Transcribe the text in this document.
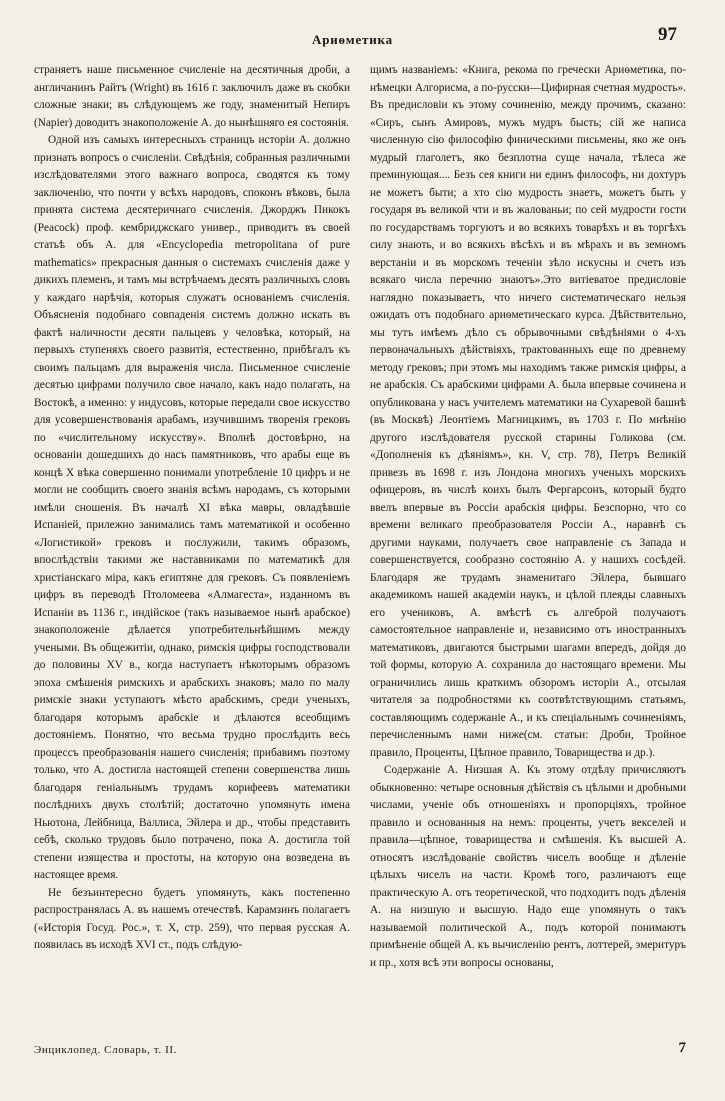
Ариѳметика	97

страняетъ наше письменное счисленіе на десятичныя дроби, а англичанинъ Райтъ (Wright) въ 1616 г. заключилъ даже въ скобки сложные знаки; въ слѣдующемъ же году, знаменитый Непиръ (Napier) доводитъ знакоположеніе А. до нынѣшняго ея состоянія.

Одной изъ самыхъ интересныхъ страницъ исторіи А. должно признать вопросъ о счисленіи. Свѣдѣнія, собранныя различными изслѣдователями этого важнаго вопроса, сводятся къ тому заключенію, что почти у всѣхъ народовъ, споконъ вѣковъ, была принята система десятеричнаго счисленія. Джорджъ Пикокъ (Peacock) проф. кембриджскаго универ., приводитъ въ своей статьѣ объ А. для «Encyclopedia metropolitana of pure mathematics» прекрасныя данныя о системахъ счисленія даже у дикихъ племенъ, и тамъ мы встрѣчаемъ десять различныхъ словъ у каждаго нарѣчія, которыя служатъ основаніемъ счисленія. Объясненія подобнаго совпаденія системъ должно искать въ фактѣ наличности десяти пальцевъ у человѣка, который, на первыхъ ступеняхъ своего развитія, естественно, прибѣгалъ къ своимъ пальцамъ для выраженія числа. Письменное счисленіе десятью цифрами получило свое начало, какъ надо полагать, на Востокѣ, а именно: у индусовъ, которые передали свое искусство для усовершенствованія арабамъ, изучившимъ творенія грековъ по «числительному искусству». Вполнѣ достовѣрно, на основаніи дошедшихъ до насъ памятниковъ, что арабы еще въ концѣ X вѣка совершенно понимали употребленіе 10 цифръ и не могли не сообщить своего знанія всѣмъ народамъ, съ которыми имѣли сношенія. Въ началѣ XI вѣка мавры, овладѣвшіе Испаніей, прилежно занимались тамъ математикой и особенно «Логистикой» грековъ и послужили, такимъ образомъ, впослѣдствіи такими же наставниками по математикѣ для христіанскаго міра, какъ египтяне для грековъ. Съ появленіемъ цифръ въ переводѣ Птоломеева «Алмагеста», изданномъ въ Испаніи въ 1136 г., индійское (такъ называемое нынѣ арабское) знакоположеніе дѣлается употребительнѣйшимъ между учеными. Въ общежитіи, однако, римскія цифры господствовали до половины XV в., когда наступаетъ нѣкоторымъ образомъ эпоха смѣшенія римскихъ и арабскихъ знаковъ; мало по малу римскіе знаки уступаютъ мѣсто арабскимъ, среди ученыхъ, благодаря которымъ арабскіе и дѣлаются всеобщимъ достояніемъ. Понятно, что весьма трудно прослѣдить весь процессъ преобразованія нашего счисленія; прибавимъ поэтому только, что А. достигла настоящей степени совершенства лишь благодаря геніальнымъ трудамъ корифеевъ математики послѣднихъ двухъ столѣтій; достаточно упомянуть имена Ньютона, Лейбница, Валлиса, Эйлера и др., чтобы представить себѣ, сколько трудовъ было потрачено, пока А. достигла той степени изящества и простоты, на которую она возведена въ настоящее время.

Не безъинтересно будетъ упомянуть, какъ постепенно распространялась А. въ нашемъ отечествѣ. Карамзинъ полагаетъ («Исторія Госуд. Рос.», т. X, стр. 259), что первая русская А. появилась въ исходѣ XVI ст., подъ слѣдую-

щимъ названіемъ: «Книга, рекома по гречески Ариѳметика, по-нѣмецки Алгорисма, а по-русски—Цифирная счетная мудрость». Въ предисловіи къ этому сочиненію, между прочимъ, сказано: «Сиръ, сынъ Амировъ, мужъ мудръ бысть; сій же написа численную сію философію финическими письмены, яко же онъ мудрый глаголетъ, яко безплотна суще начала, тѣлеса же преминующая.... Безъ сея книги ни единъ философъ, ни дохтуръ не можетъ быти; а хто сію мудрость знаетъ, можетъ быть у государя въ великой чти и въ жалованьи; по сей мудрости гости по государствамъ торгуютъ и во всякихъ товарѣхъ и въ торгѣхъ силу знають, и во всякихъ вѣсѣхъ и въ мѣрахъ и въ земномъ верстаніи и въ морскомъ теченіи зѣло искусны и счетъ изъ всякаго числа перечню знаютъ».Это витіеватое предисловіе наглядно показываетъ, что ничего систематическаго нельзя ожидать отъ подобнаго ариѳметическаго курса. Дѣйствительно, мы тутъ имѣемъ дѣло съ обрывочными свѣдѣніями о 4-хъ первоначальныхъ дѣйствіяхъ, трактованныхъ еще по древнему методу грековъ; при этомъ мы находимъ также римскія цифры, а не арабскія. Съ арабскими цифрами А. была впервые сочинена и опубликована у насъ учителемъ математики на Сухаревой башнѣ (въ Москвѣ) Леонтіемъ Магницкимъ, въ 1703 г. По мнѣнію другого изслѣдователя русской старины Голикова (см. «Дополненія къ дѣяніямъ», кн. V, стр. 78), Петръ Великій привезъ въ 1698 г. изъ Лондона многихъ ученыхъ морскихъ офицеровъ, въ числѣ коихъ былъ Фергарсонъ, который будто ввелъ впервые въ Россіи арабскія цифры. Безспорно, что со времени великаго преобразователя Россіи А., наравнѣ съ другими науками, получаетъ свое направленіе съ Запада и совершенствуется, сообразно состоянію А. у нашихъ сосѣдей. Благодаря же трудамъ знаменитаго Эйлера, бывшаго академикомъ нашей академіи наукъ, и цѣлой плеяды славныхъ его учениковъ, А. вмѣстѣ съ алгеброй получаютъ самостоятельное направленіе и, независимо отъ иностранныхъ математиковъ, двигаются быстрыми шагами впередъ, дойдя до той формы, которую А. сохранила до настоящаго времени. Мы ограничились лишь краткимъ обзоромъ исторіи А., отсылая читателя за подробностями къ соотвѣтствующимъ статьямъ, составляющимъ содержаніе А., и къ спеціальнымъ сочиненіямъ, перечисленнымъ нами ниже(см. статьи: Дроби, Тройное правило, Проценты, Цѣпное правило, Товарищества и др.).

Содержаніе А. Низшая А. Къ этому отдѣлу причисляютъ обыкновенно: четыре основныя дѣйствія съ цѣлыми и дробными числами, ученіе объ отношеніяхъ и пропорціяхъ, тройное правило и основанныя на немъ: проценты, учетъ векселей и правила—цѣпное, товарищества и смѣшенія. Къ высшей А. относятъ изслѣдованіе свойствъ чиселъ вообще и дѣленіе цѣлыхъ чиселъ на части. Кромѣ того, различаютъ еще практическую А. отъ теоретической, что подходитъ подъ дѣленія А. на низшую и высшую. Надо еще упомянуть о такъ называемой политической А., подъ которой понимаютъ примѣненіе общей А. къ вычисленію рентъ, лоттерей, эмеритуръ и пр., хотя всѣ эти вопросы основаны,

Энциклопед. Словарь, т. II.	7
